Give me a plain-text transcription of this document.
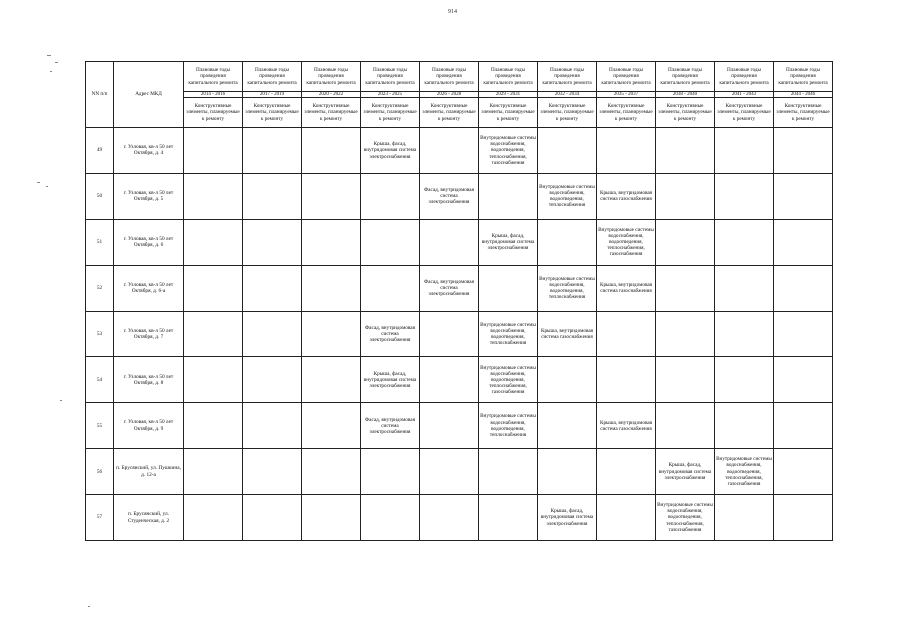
914
NN п/п	Адрес МКД	Плановые годы проведения капитального ремонта	Плановые годы проведения капитального ремонта	Плановые годы проведения капитального ремонта	Плановые годы проведения капитального ремонта	Плановые годы проведения капитального ремонта	Плановые годы проведения капитального ремонта	Плановые годы проведения капитального ремонта	Плановые годы проведения капитального ремонта	Плановые годы проведения капитального ремонта	Плановые годы проведения капитального ремонта	Плановые годы проведения капитального ремонта
		2014 - 2016	2017 - 2019	2020 - 2022	2023 - 2025	2026 - 2028	2029 - 2031	2032 - 2034	2035 - 2037	2038 - 2040	2041 - 2043	2044 - 2046
		Конструктивные элементы, планируемые к ремонту	Конструктивные элементы, планируемые к ремонту	Конструктивные элементы, планируемые к ремонту	Конструктивные элементы, планируемые к ремонту	Конструктивные элементы, планируемые к ремонту	Конструктивные элементы, планируемые к ремонту	Конструктивные элементы, планируемые к ремонту	Конструктивные элементы, планируемые к ремонту	Конструктивные элементы, планируемые к ремонту	Конструктивные элементы, планируемые к ремонту	Конструктивные элементы, планируемые к ремонту
49	г. Узловая, кв-л 50 лет Октября, д. 4				Крыша, фасад, внутридомовая система электроснабжения		Внутридомовые системы водоснабжения, водоотведения, теплоснабжения, газоснабжения					
50	г. Узловая, кв-л 50 лет Октября, д. 5					Фасад, внутридомовая система электроснабжения		Внутридомовые системы водоснабжения, водоотведения, теплоснабжения	Крыша, внутридомовая система газоснабжения			
51	г. Узловая, кв-л 50 лет Октября, д. 6						Крыша, фасад, внутридомовая система электроснабжения		Внутридомовые системы водоснабжения, водоотведения, теплоснабжения, газоснабжения			
52	г. Узловая, кв-л 50 лет Октября, д. 6-а					Фасад, внутридомовая система электроснабжения		Внутридомовые системы водоснабжения, водоотведения, теплоснабжения	Крыша, внутридомовая система газоснабжения			
53	г. Узловая, кв-л 50 лет Октября, д. 7				Фасад, внутридомовая система электроснабжения		Внутридомовые системы водоснабжения, водоотведения, теплоснабжения	Крыша, внутридомовая система газоснабжения				
54	г. Узловая, кв-л 50 лет Октября, д. 8				Крыша, фасад, внутридомовая система электроснабжения		Внутридомовые системы водоснабжения, водоотведения, теплоснабжения, газоснабжения					
55	г. Узловая, кв-л 50 лет Октября, д. 9				Фасад, внутридомовая система электроснабжения		Внутридомовые системы водоснабжения, водоотведения, теплоснабжения		Крыша, внутридомовая система газоснабжения			
56	п. Брусянский, ул. Пушкина, д. 12-а									Крыша, фасад, внутридомовая система электроснабжения	Внутридомовые системы водоснабжения, водоотведения, теплоснабжения, газоснабжения	
57	п. Брусянский, ул. Студенческая, д. 2							Крыша, фасад, внутридомовая система электроснабжения		Внутридомовые системы водоснабжения, водоотведения, теплоснабжения, газоснабжения		
